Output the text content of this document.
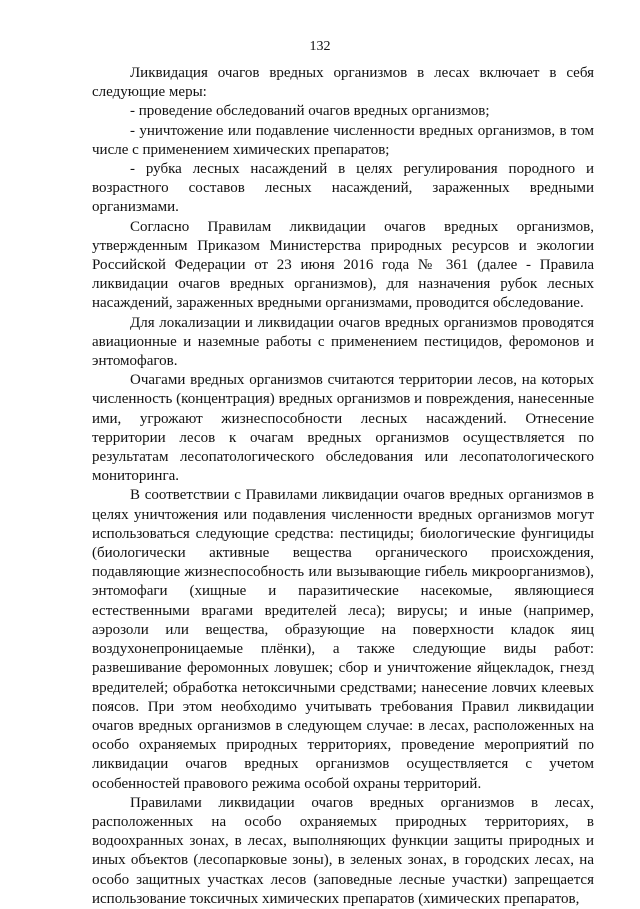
132

Ликвидация очагов вредных организмов в лесах включает в себя следующие меры:

- проведение обследований очагов вредных организмов;

- уничтожение или подавление численности вредных организмов, в том числе с применением химических препаратов;

- рубка лесных насаждений в целях регулирования породного и возрастного составов лесных насаждений, зараженных вредными организмами.

Согласно Правилам ликвидации очагов вредных организмов, утвержденным Приказом Министерства природных ресурсов и экологии Российской Федерации от 23 июня 2016 года № 361 (далее - Правила ликвидации очагов вредных организмов), для назначения рубок лесных насаждений, зараженных вредными организмами, проводится обследование.

Для локализации и ликвидации очагов вредных организмов проводятся авиационные и наземные работы с применением пестицидов, феромонов и энтомофагов.

Очагами вредных организмов считаются территории лесов, на которых численность (концентрация) вредных организмов и повреждения, нанесенные ими, угрожают жизнеспособности лесных насаждений. Отнесение территории лесов к очагам вредных организмов осуществляется по результатам лесопатологического обследования или лесопатологического мониторинга.

В соответствии с Правилами ликвидации очагов вредных организмов в целях уничтожения или подавления численности вредных организмов могут использоваться следующие средства: пестициды; биологические фунгициды (биологически активные вещества органического происхождения, подавляющие жизнеспособность или вызывающие гибель микроорганизмов), энтомофаги (хищные и паразитические насекомые, являющиеся естественными врагами вредителей леса); вирусы; и иные (например, аэрозоли или вещества, образующие на поверхности кладок яиц воздухонепроницаемые плёнки), а также следующие виды работ: развешивание феромонных ловушек; сбор и уничтожение яйцекладок, гнезд вредителей; обработка нетоксичными средствами; нанесение ловчих клеевых поясов. При этом необходимо учитывать требования Правил ликвидации очагов вредных организмов в следующем случае: в лесах, расположенных на особо охраняемых природных территориях, проведение мероприятий по ликвидации очагов вредных организмов осуществляется с учетом особенностей правового режима особой охраны территорий.

Правилами ликвидации очагов вредных организмов в лесах, расположенных на особо охраняемых природных территориях, в водоохранных зонах, в лесах, выполняющих функции защиты природных и иных объектов (лесопарковые зоны), в зеленых зонах, в городских лесах, на особо защитных участках лесов (заповедные лесные участки) запрещается использование токсичных химических препаратов (химических препаратов,
